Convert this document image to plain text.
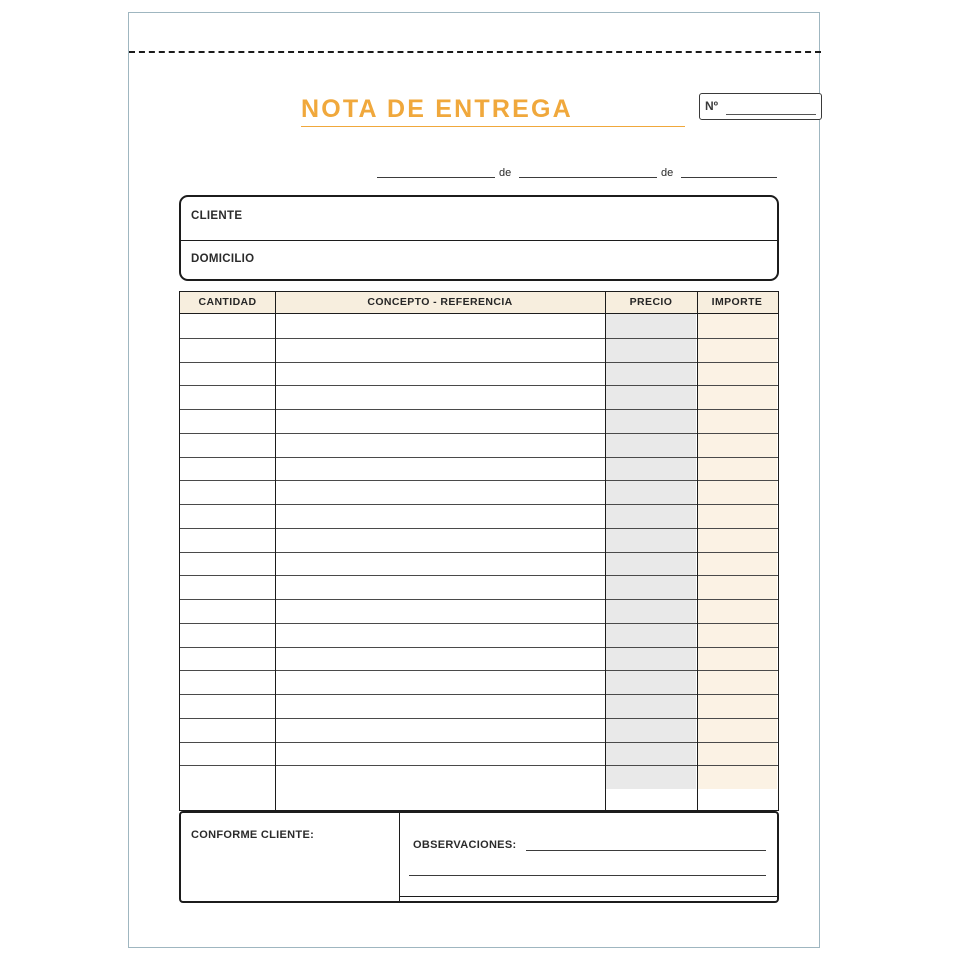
NOTA DE ENTREGA	Nº
de	de
CLIENTE
DOMICILIO
CANTIDAD	CONCEPTO - REFERENCIA	PRECIO	IMPORTE
CONFORME CLIENTE:
OBSERVACIONES:
